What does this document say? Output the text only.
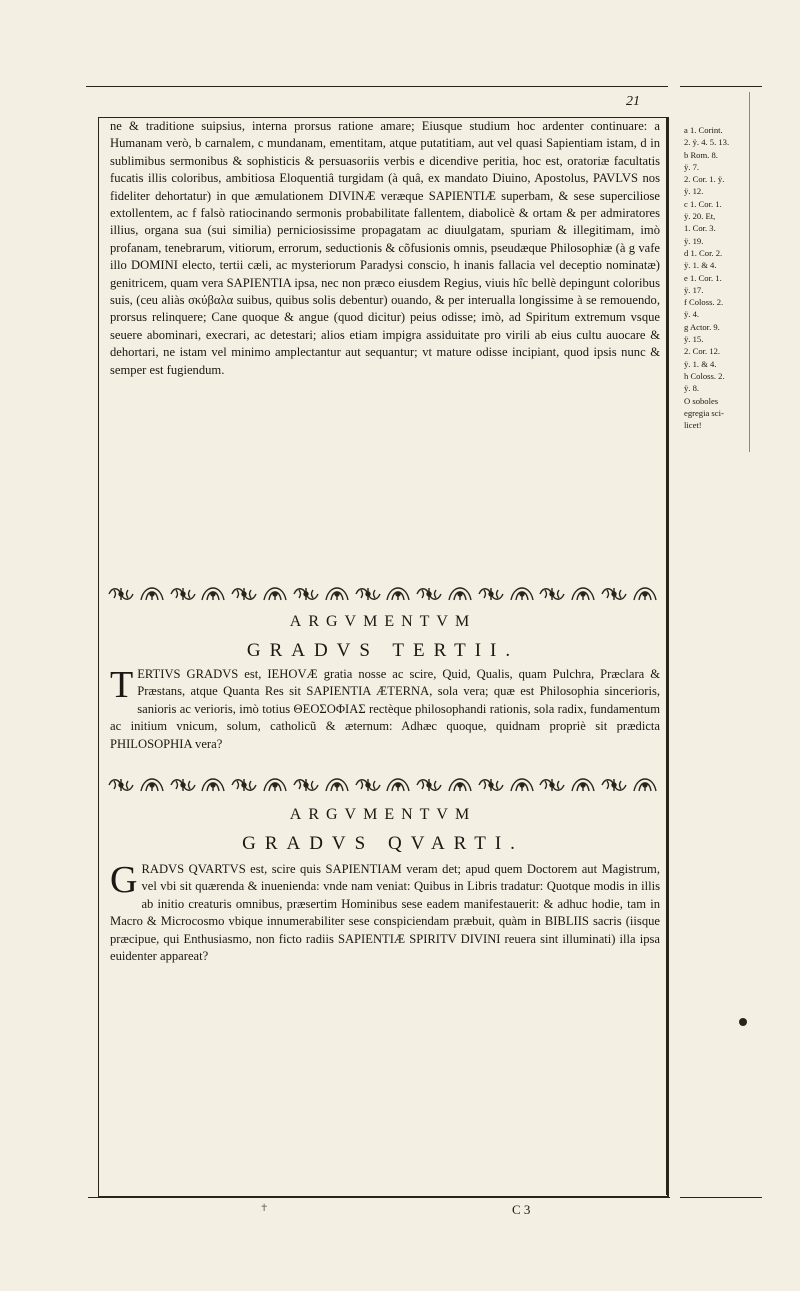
21

ne & traditione suipsius, interna prorsus ratione amare; Eiusque studium hoc ardenter continuare: a Humanam verò, b carnalem, c mundanam, ementitam, atque putatitiam, aut vel quasi Sapientiam istam, d in sublimibus sermonibus & sophisticis & persuasoriis verbis e dicendive peritia, hoc est, oratoriæ facultatis fucatis illis coloribus, ambitiosa Eloquentiâ turgidam (à quâ, ex mandato Diuino, Apostolus, PAVLVS nos fideliter dehortatur) in que æmulationem DIVINÆ veræque SAPIENTIÆ superbam, & sese superciliose extollentem, ac f falsò ratiocinando sermonis probabilitate fallentem, diabolicè & ortam & per admiratores illius, organa sua (sui similia) perniciosissime propagatam ac diuulgatam, spuriam & illegitimam, imò profanam, tenebrarum, vitiorum, errorum, seductionis & cõfusionis omnis, pseudæque Philosophiæ (à g vafe illo DOMINI electo, tertii cæli, ac mysteriorum Paradysi conscio, h inanis fallacia vel deceptio nominatæ) genitricem, quam vera SAPIENTIA ipsa, nec non præco eiusdem Regius, viuis hîc bellè depingunt coloribus suis, (ceu aliàs σκύβαλα suibus, quibus solis debentur) ouando, & per interualla longissime à se remouendo, prorsus relinquere; Cane quoque & angue (quod dicitur) peius odisse; imò, ad Spiritum extremum vsque seuere abominari, execrari, ac detestari; alios etiam impigra assiduitate pro virili ab eius cultu auocare & dehortari, ne istam vel minimo amplectantur aut sequantur; vt mature odisse incipiant, quod ipsis nunc & semper est fugiendum.

ARGVMENTVM
GRADVS TERTII.
T ERTIVS GRADVS est, IEHOVÆ gratia nosse ac scire, Quid, Qualis, quam Pulchra, Præclara & Præstans, atque Quanta Res sit SAPIENTIA ÆTERNA, sola vera; quæ est Philosophia sincerioris, sanioris ac verioris, imò totius ΘΕΟΣΟΦΙΑΣ rectèque philosophandi rationis, sola radix, fundamentum ac initium vnicum, solum, catholicũ & æternum: Adhæc quoque, quidnam propriè sit prædicta PHILOSOPHIA vera?
ARGVMENTVM
GRADVS QVARTI.
G RADVS QVARTVS est, scire quis SAPIENTIAM veram det; apud quem Doctorem aut Magistrum, vel vbi sit quærenda & inuenienda: vnde nam veniat: Quibus in Libris tradatur: Quotque modis in illis ab initio creaturis omnibus, præsertim Hominibus sese eadem manifestauerit: & adhuc hodie, tam in Macro & Microcosmo vbique innumerabiliter sese conspiciendam præbuit, quàm in BIBLIIS sacris (iisque præcipue, qui Enthusiasmo, non ficto radiis SAPIENTIÆ SPIRITV DIVINI reuera sint illuminati) illa ipsa euidenter appareat?
a 1. Corint.
2. ÿ. 4. 5. 13.
b Rom. 8.
ÿ. 7.
2. Cor. 1. ÿ.
ÿ. 12.
c 1. Cor. 1.
ÿ. 20. Et,
1. Cor. 3.
ÿ. 19.
d 1. Cor. 2.
ÿ. 1. & 4.
e 1. Cor. 1.
ÿ. 17.
f Coloss. 2.
ÿ. 4.
g Actor. 9.
ÿ. 15.
2. Cor. 12.
ÿ. 1. & 4.
h Coloss. 2.
ÿ. 8.
O soboles
egregia sci-
licet!
✝	C 3
